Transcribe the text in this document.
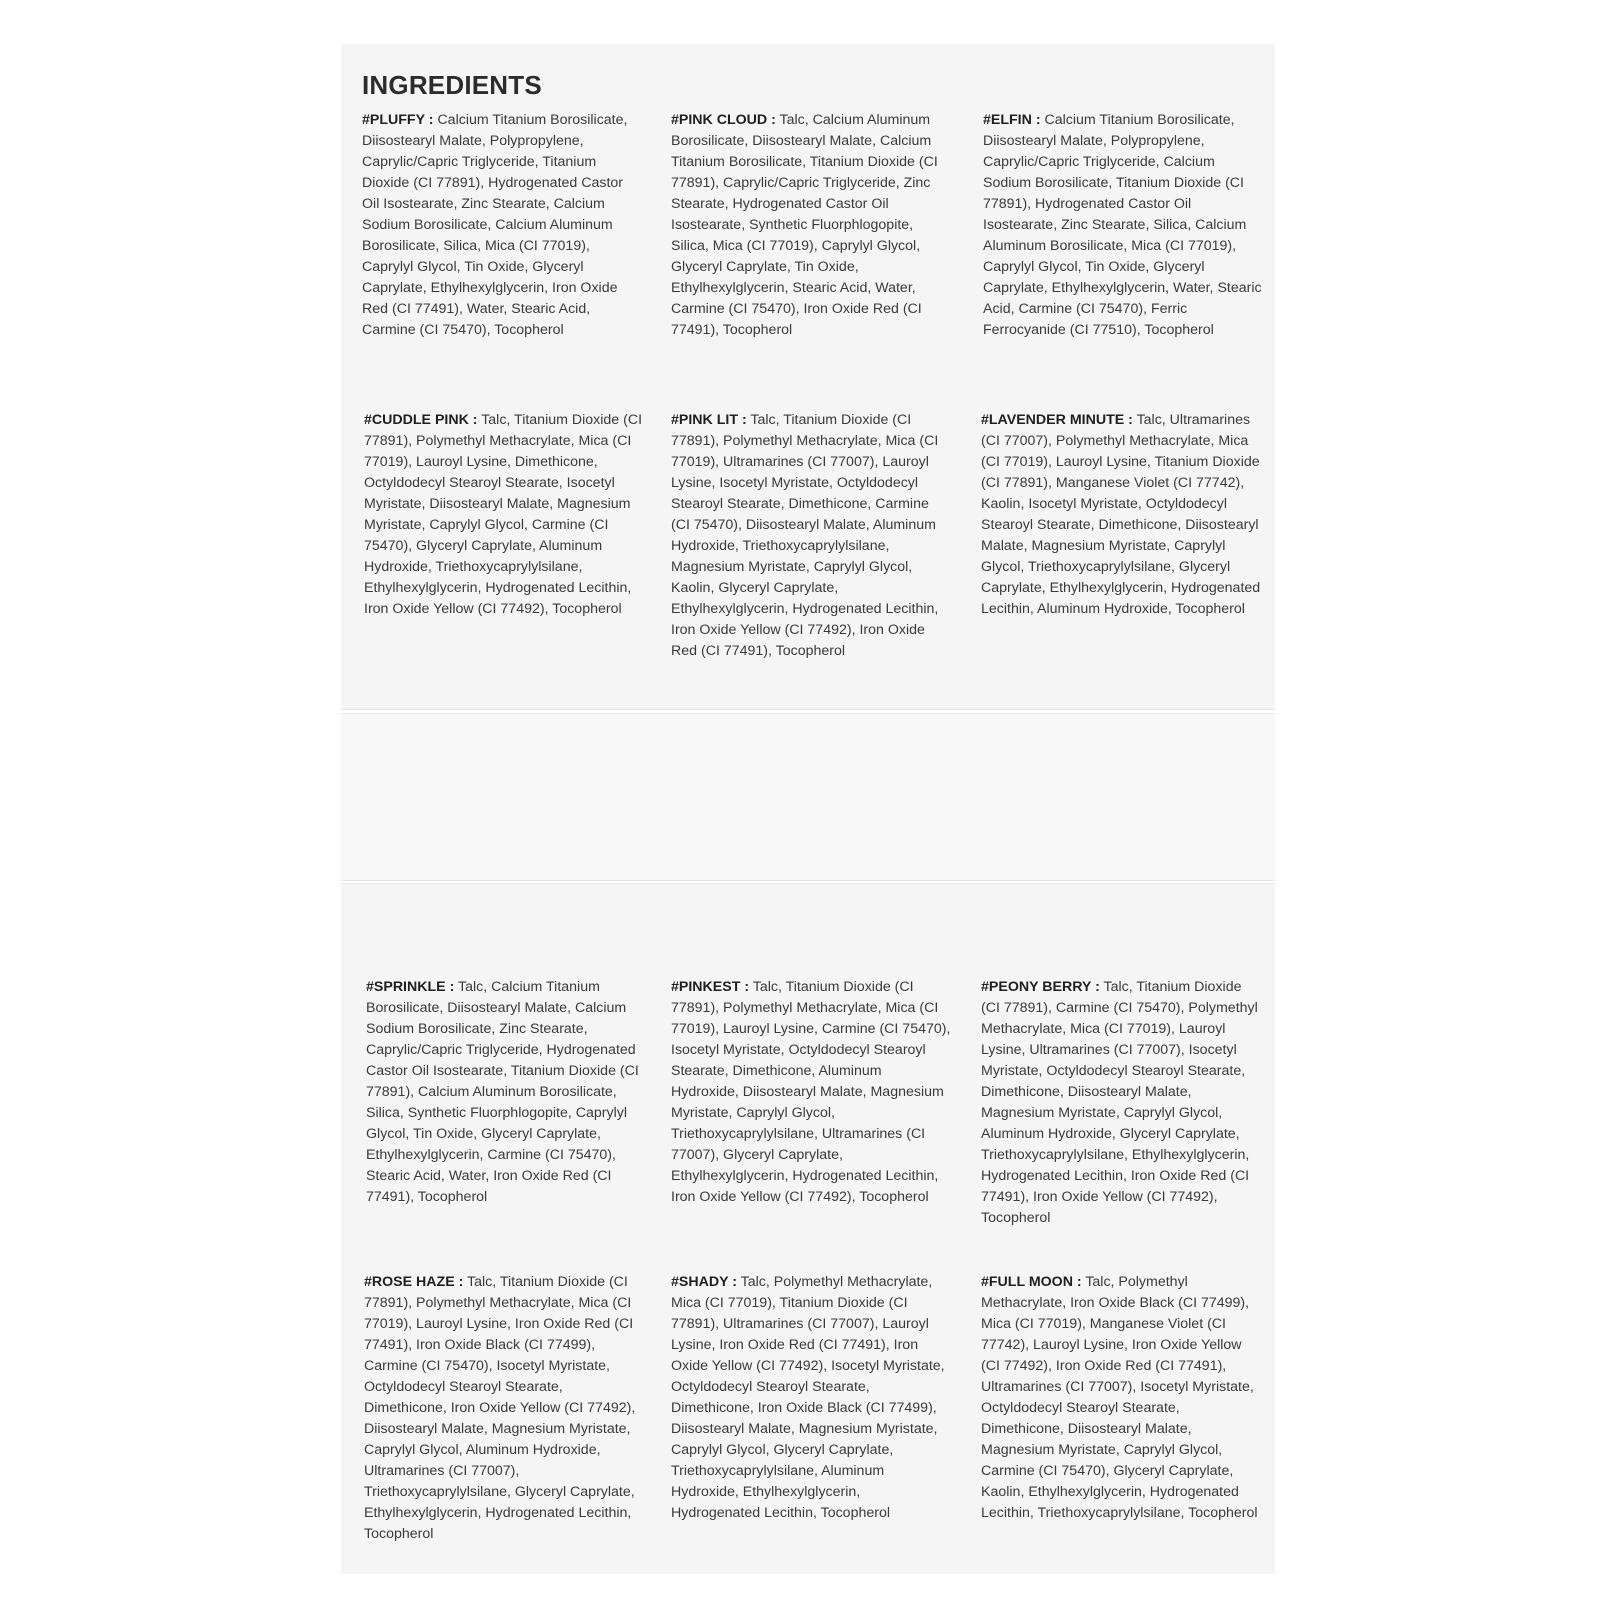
INGREDIENTS
#PLUFFY : Calcium Titanium Borosilicate, Diisostearyl Malate, Polypropylene, Caprylic/Capric Triglyceride, Titanium Dioxide (CI 77891), Hydrogenated Castor Oil Isostearate, Zinc Stearate, Calcium Sodium Borosilicate, Calcium Aluminum Borosilicate, Silica, Mica (CI 77019), Caprylyl Glycol, Tin Oxide, Glyceryl Caprylate, Ethylhexylglycerin, Iron Oxide Red (CI 77491), Water, Stearic Acid, Carmine (CI 75470), Tocopherol
#PINK CLOUD : Talc, Calcium Aluminum Borosilicate, Diisostearyl Malate, Calcium Titanium Borosilicate, Titanium Dioxide (CI 77891), Caprylic/Capric Triglyceride, Zinc Stearate, Hydrogenated Castor Oil Isostearate, Synthetic Fluorphlogopite, Silica, Mica (CI 77019), Caprylyl Glycol, Glyceryl Caprylate, Tin Oxide, Ethylhexylglycerin, Stearic Acid, Water, Carmine (CI 75470), Iron Oxide Red (CI 77491), Tocopherol
#ELFIN : Calcium Titanium Borosilicate, Diisostearyl Malate, Polypropylene, Caprylic/Capric Triglyceride, Calcium Sodium Borosilicate, Titanium Dioxide (CI 77891), Hydrogenated Castor Oil Isostearate, Zinc Stearate, Silica, Calcium Aluminum Borosilicate, Mica (CI 77019), Caprylyl Glycol, Tin Oxide, Glyceryl Caprylate, Ethylhexylglycerin, Water, Stearic Acid, Carmine (CI 75470), Ferric Ferrocyanide (CI 77510), Tocopherol
#CUDDLE PINK : Talc, Titanium Dioxide (CI 77891), Polymethyl Methacrylate, Mica (CI 77019), Lauroyl Lysine, Dimethicone, Octyldodecyl Stearoyl Stearate, Isocetyl Myristate, Diisostearyl Malate, Magnesium Myristate, Caprylyl Glycol, Carmine (CI 75470), Glyceryl Caprylate, Aluminum Hydroxide, Triethoxycaprylylsilane, Ethylhexylglycerin, Hydrogenated Lecithin, Iron Oxide Yellow (CI 77492), Tocopherol
#PINK LIT : Talc, Titanium Dioxide (CI 77891), Polymethyl Methacrylate, Mica (CI 77019), Ultramarines (CI 77007), Lauroyl Lysine, Isocetyl Myristate, Octyldodecyl Stearoyl Stearate, Dimethicone, Carmine (CI 75470), Diisostearyl Malate, Aluminum Hydroxide, Triethoxycaprylylsilane, Magnesium Myristate, Caprylyl Glycol, Kaolin, Glyceryl Caprylate, Ethylhexylglycerin, Hydrogenated Lecithin, Iron Oxide Yellow (CI 77492), Iron Oxide Red (CI 77491), Tocopherol
#LAVENDER MINUTE : Talc, Ultramarines (CI 77007), Polymethyl Methacrylate, Mica (CI 77019), Lauroyl Lysine, Titanium Dioxide (CI 77891), Manganese Violet (CI 77742), Kaolin, Isocetyl Myristate, Octyldodecyl Stearoyl Stearate, Dimethicone, Diisostearyl Malate, Magnesium Myristate, Caprylyl Glycol, Triethoxycaprylylsilane, Glyceryl Caprylate, Ethylhexylglycerin, Hydrogenated Lecithin, Aluminum Hydroxide, Tocopherol
#SPRINKLE : Talc, Calcium Titanium Borosilicate, Diisostearyl Malate, Calcium Sodium Borosilicate, Zinc Stearate, Caprylic/Capric Triglyceride, Hydrogenated Castor Oil Isostearate, Titanium Dioxide (CI 77891), Calcium Aluminum Borosilicate, Silica, Synthetic Fluorphlogopite, Caprylyl Glycol, Tin Oxide, Glyceryl Caprylate, Ethylhexylglycerin, Carmine (CI 75470), Stearic Acid, Water, Iron Oxide Red (CI 77491), Tocopherol
#PINKEST : Talc, Titanium Dioxide (CI 77891), Polymethyl Methacrylate, Mica (CI 77019), Lauroyl Lysine, Carmine (CI 75470), Isocetyl Myristate, Octyldodecyl Stearoyl Stearate, Dimethicone, Aluminum Hydroxide, Diisostearyl Malate, Magnesium Myristate, Caprylyl Glycol, Triethoxycaprylylsilane, Ultramarines (CI 77007), Glyceryl Caprylate, Ethylhexylglycerin, Hydrogenated Lecithin, Iron Oxide Yellow (CI 77492), Tocopherol
#PEONY BERRY : Talc, Titanium Dioxide (CI 77891), Carmine (CI 75470), Polymethyl Methacrylate, Mica (CI 77019), Lauroyl Lysine, Ultramarines (CI 77007), Isocetyl Myristate, Octyldodecyl Stearoyl Stearate, Dimethicone, Diisostearyl Malate, Magnesium Myristate, Caprylyl Glycol, Aluminum Hydroxide, Glyceryl Caprylate, Triethoxycaprylylsilane, Ethylhexylglycerin, Hydrogenated Lecithin, Iron Oxide Red (CI 77491), Iron Oxide Yellow (CI 77492), Tocopherol
#ROSE HAZE : Talc, Titanium Dioxide (CI 77891), Polymethyl Methacrylate, Mica (CI 77019), Lauroyl Lysine, Iron Oxide Red (CI 77491), Iron Oxide Black (CI 77499), Carmine (CI 75470), Isocetyl Myristate, Octyldodecyl Stearoyl Stearate, Dimethicone, Iron Oxide Yellow (CI 77492), Diisostearyl Malate, Magnesium Myristate, Caprylyl Glycol, Aluminum Hydroxide, Ultramarines (CI 77007), Triethoxycaprylylsilane, Glyceryl Caprylate, Ethylhexylglycerin, Hydrogenated Lecithin, Tocopherol
#SHADY : Talc, Polymethyl Methacrylate, Mica (CI 77019), Titanium Dioxide (CI 77891), Ultramarines (CI 77007), Lauroyl Lysine, Iron Oxide Red (CI 77491), Iron Oxide Yellow (CI 77492), Isocetyl Myristate, Octyldodecyl Stearoyl Stearate, Dimethicone, Iron Oxide Black (CI 77499), Diisostearyl Malate, Magnesium Myristate, Caprylyl Glycol, Glyceryl Caprylate, Triethoxycaprylylsilane, Aluminum Hydroxide, Ethylhexylglycerin, Hydrogenated Lecithin, Tocopherol
#FULL MOON : Talc, Polymethyl Methacrylate, Iron Oxide Black (CI 77499), Mica (CI 77019), Manganese Violet (CI 77742), Lauroyl Lysine, Iron Oxide Yellow (CI 77492), Iron Oxide Red (CI 77491), Ultramarines (CI 77007), Isocetyl Myristate, Octyldodecyl Stearoyl Stearate, Dimethicone, Diisostearyl Malate, Magnesium Myristate, Caprylyl Glycol, Carmine (CI 75470), Glyceryl Caprylate, Kaolin, Ethylhexylglycerin, Hydrogenated Lecithin, Triethoxycaprylylsilane, Tocopherol
